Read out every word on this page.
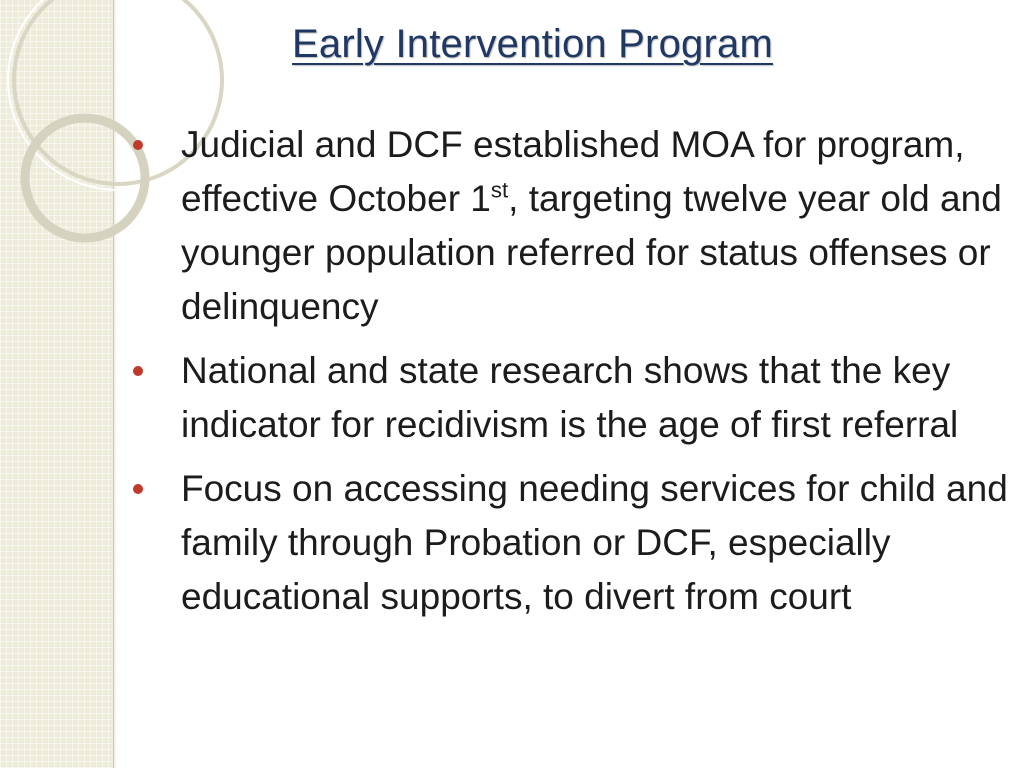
Early Intervention Program
Judicial and DCF established MOA for program, effective October 1st, targeting twelve year old and younger population referred for status offenses or delinquency
National and state research shows that the key indicator for recidivism is the age of first referral
Focus on accessing needing services for child and family through Probation or DCF, especially educational supports, to divert from court
